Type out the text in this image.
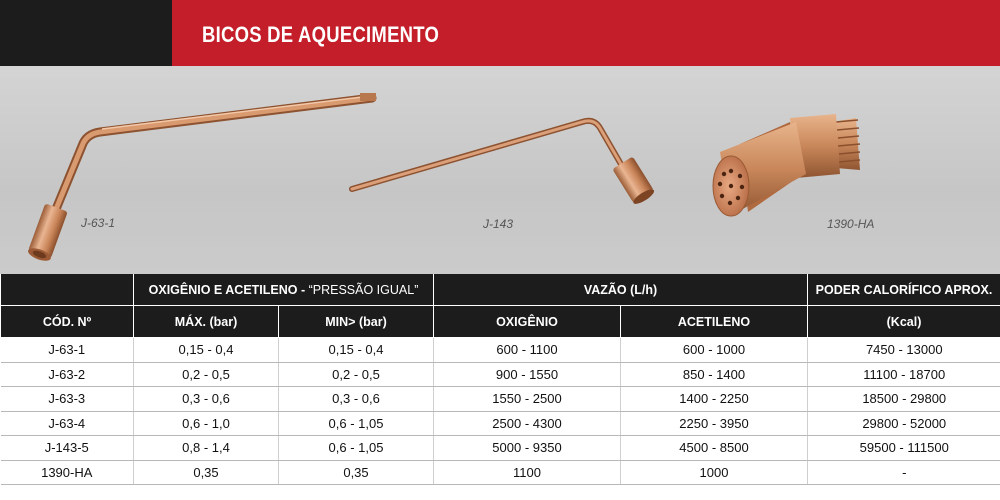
BICOS DE AQUECIMENTO
J-63-1	J-143	1390-HA
	OXIGÊNIO E ACETILENO - “PRESSÃO IGUAL”		VAZÃO (L/h)		PODER CALORÍFICO APROX.
CÓD. Nº	MÁX. (bar)	MIN> (bar)	OXIGÊNIO	ACETILENO	(Kcal)
J-63-1	0,15 - 0,4	0,15 - 0,4	600 - 1100	600 - 1000	7450 - 13000
J-63-2	0,2 - 0,5	0,2 - 0,5	900 - 1550	850 - 1400	11100 - 18700
J-63-3	0,3 - 0,6	0,3 - 0,6	1550 - 2500	1400 - 2250	18500 - 29800
J-63-4	0,6 - 1,0	0,6 - 1,05	2500 - 4300	2250 - 3950	29800 - 52000
J-143-5	0,8 - 1,4	0,6 - 1,05	5000 - 9350	4500 - 8500	59500 - 111500
1390-HA	0,35	0,35	1100	1000	-
